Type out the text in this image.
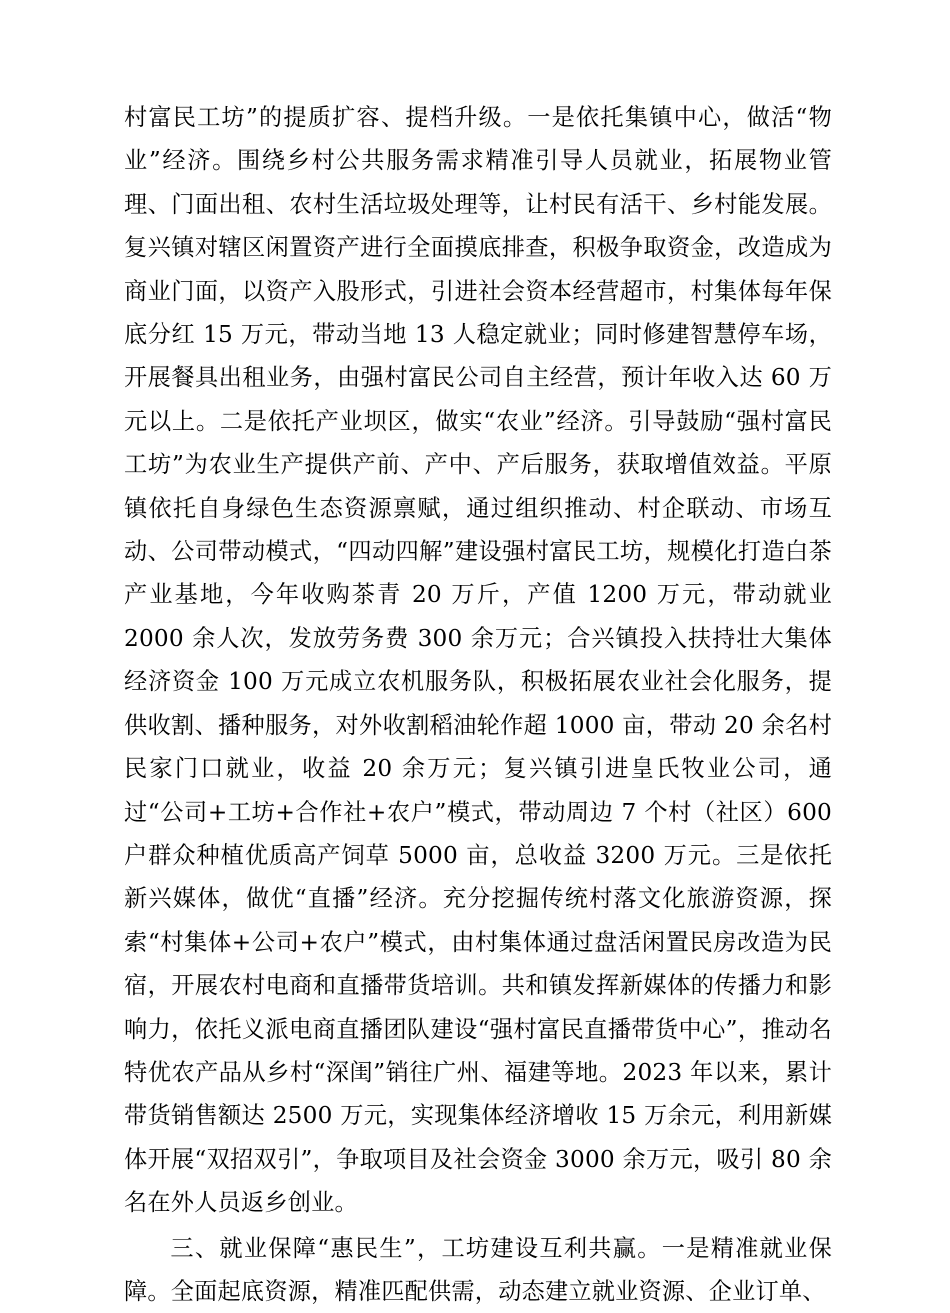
村富民工坊”的提质扩容、提档升级。一是依托集镇中心，做活“物业”经济。围绕乡村公共服务需求精准引导人员就业，拓展物业管理、门面出租、农村生活垃圾处理等，让村民有活干、乡村能发展。复兴镇对辖区闲置资产进行全面摸底排查，积极争取资金，改造成为商业门面，以资产入股形式，引进社会资本经营超市，村集体每年保底分红 15 万元，带动当地 13 人稳定就业；同时修建智慧停车场，开展餐具出租业务，由强村富民公司自主经营，预计年收入达 60 万元以上。二是依托产业坝区，做实“农业”经济。引导鼓励“强村富民工坊”为农业生产提供产前、产中、产后服务，获取增值效益。平原镇依托自身绿色生态资源禀赋，通过组织推动、村企联动、市场互动、公司带动模式，“四动四解”建设强村富民工坊，规模化打造白茶产业基地，今年收购茶青 20 万斤，产值 1200 万元，带动就业 2000 余人次，发放劳务费 300 余万元；合兴镇投入扶持壮大集体经济资金 100 万元成立农机服务队，积极拓展农业社会化服务，提供收割、播种服务，对外收割稻油轮作超 1000 亩，带动 20 余名村民家门口就业，收益 20 余万元；复兴镇引进皇氏牧业公司，通过“公司+工坊+合作社+农户”模式，带动周边 7 个村（社区）600 户群众种植优质高产饲草 5000 亩，总收益 3200 万元。三是依托新兴媒体，做优“直播”经济。充分挖掘传统村落文化旅游资源，探索“村集体+公司+农户”模式，由村集体通过盘活闲置民房改造为民宿，开展农村电商和直播带货培训。共和镇发挥新媒体的传播力和影响力，依托义派电商直播团队建设“强村富民直播带货中心”，推动名特优农产品从乡村“深闺”销往广州、福建等地。2023 年以来，累计带货销售额达 2500 万元，实现集体经济增收 15 万余元，利用新媒体开展“双招双引”，争取项目及社会资金 3000 余万元，吸引 80 余名在外人员返乡创业。

三、就业保障“惠民生”，工坊建设互利共赢。一是精准就业保障。全面起底资源，精准匹配供需，动态建立就业资源、企业订单、
